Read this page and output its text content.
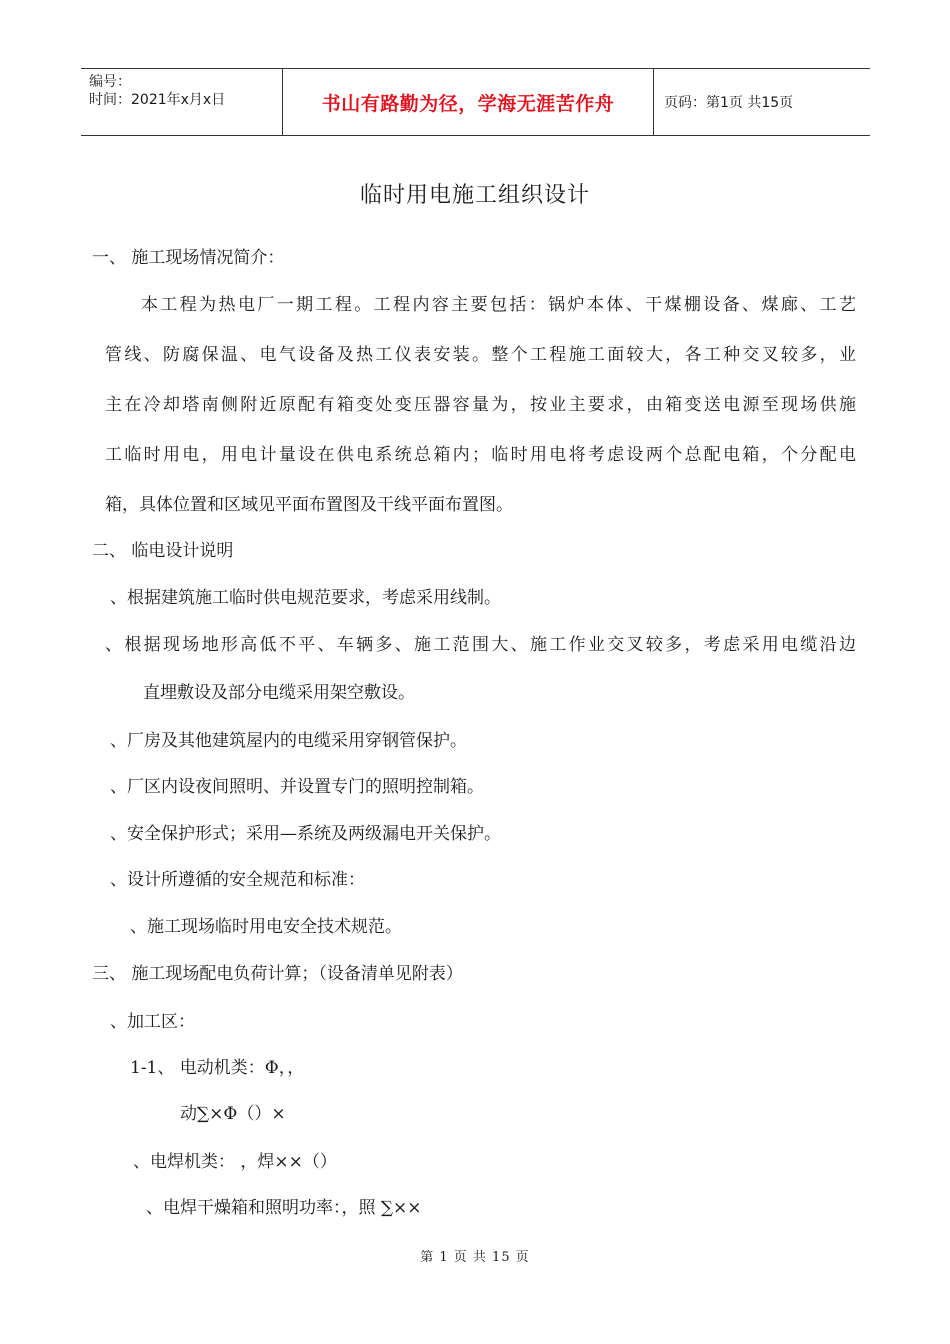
编号：
时间：2021年x月x日	书山有路勤为径，学海无涯苦作舟	页码：第1页 共15页
临时用电施工组织设计
一、 施工现场情况简介：
本工程为热电厂一期工程。工程内容主要包括：锅炉本体、干煤棚设备、煤廊、工艺
管线、防腐保温、电气设备及热工仪表安装。整个工程施工面较大，各工种交叉较多，业
主在冷却塔南侧附近原配有箱变处变压器容量为，按业主要求，由箱变送电源至现场供施
工临时用电，用电计量设在供电系统总箱内；临时用电将考虑设两个总配电箱，个分配电
箱，具体位置和区域见平面布置图及干线平面布置图。
二、 临电设计说明
、根据建筑施工临时供电规范要求，考虑采用线制。
、根据现场地形高低不平、车辆多、施工范围大、施工作业交叉较多，考虑采用电缆沿边
直埋敷设及部分电缆采用架空敷设。
、厂房及其他建筑屋内的电缆采用穿钢管保护。
、厂区内设夜间照明、并设置专门的照明控制箱。
、安全保护形式；采用—系统及两级漏电开关保护。
、设计所遵循的安全规范和标准：
、施工现场临时用电安全技术规范。
三、 施工现场配电负荷计算；（设备清单见附表）
、加工区：
1-1、 电动机类：Φ，，
动∑×Φ（）×
、电焊机类： ，焊××（）
、电焊干燥箱和照明功率：，照 ∑××
第 1 页 共 15 页
